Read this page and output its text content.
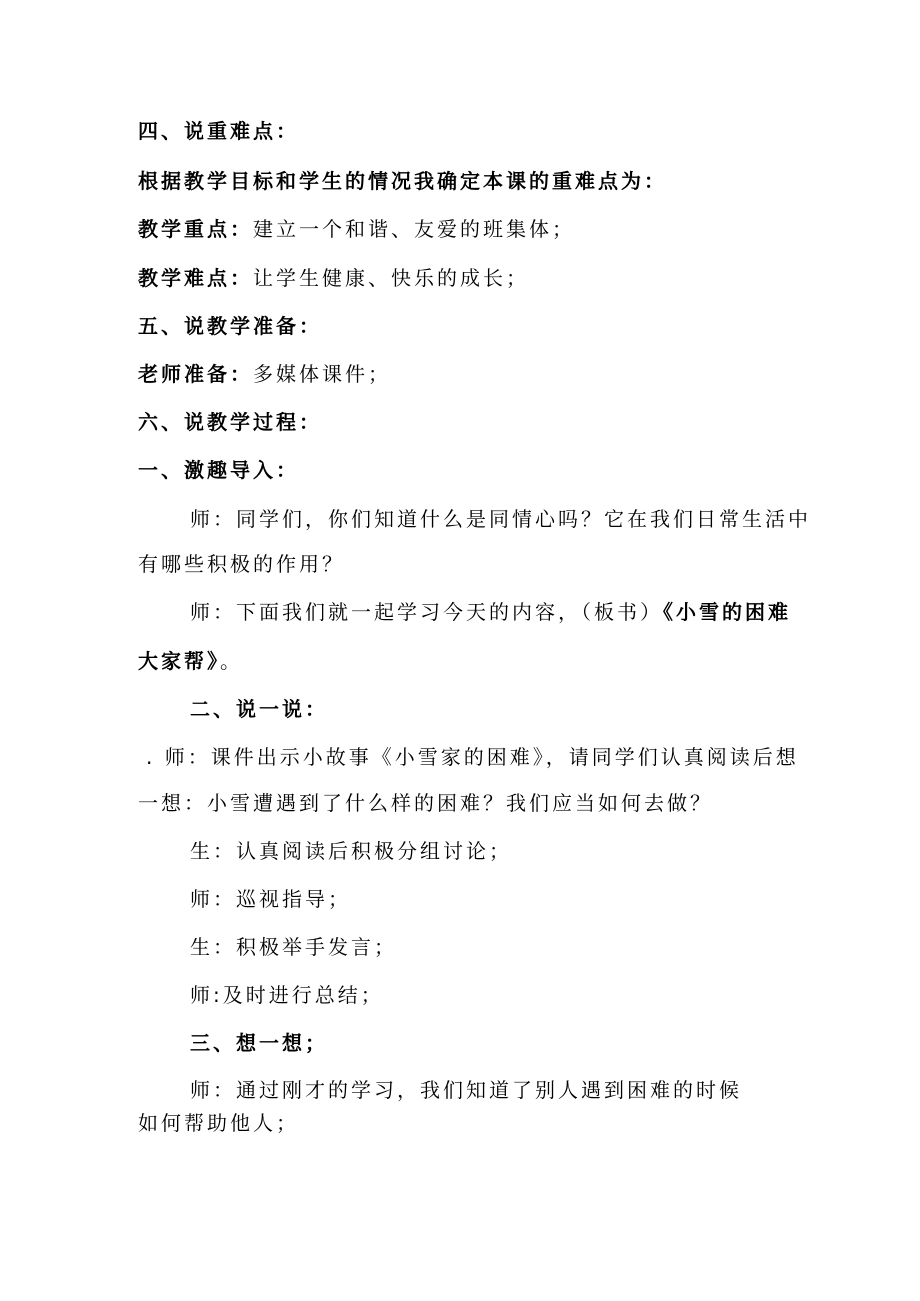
四、说重难点：
根据教学目标和学生的情况我确定本课的重难点为：
教学重点：建立一个和谐、友爱的班集体；
教学难点：让学生健康、快乐的成长；
五、说教学准备：
老师准备：多媒体课件；
六、说教学过程：
一、激趣导入：
师：同学们，你们知道什么是同情心吗？它在我们日常生活中
有哪些积极的作用？
师：下面我们就一起学习今天的内容，（板书）《小雪的困难
大家帮》。
二、说一说：
. 师：课件出示小故事《小雪家的困难》，请同学们认真阅读后想
一想：小雪遭遇到了什么样的困难？我们应当如何去做？
生：认真阅读后积极分组讨论；
师：巡视指导；
生：积极举手发言；
师:及时进行总结；
三、想一想；
师：通过刚才的学习，我们知道了别人遇到困难的时候
如何帮助他人；
